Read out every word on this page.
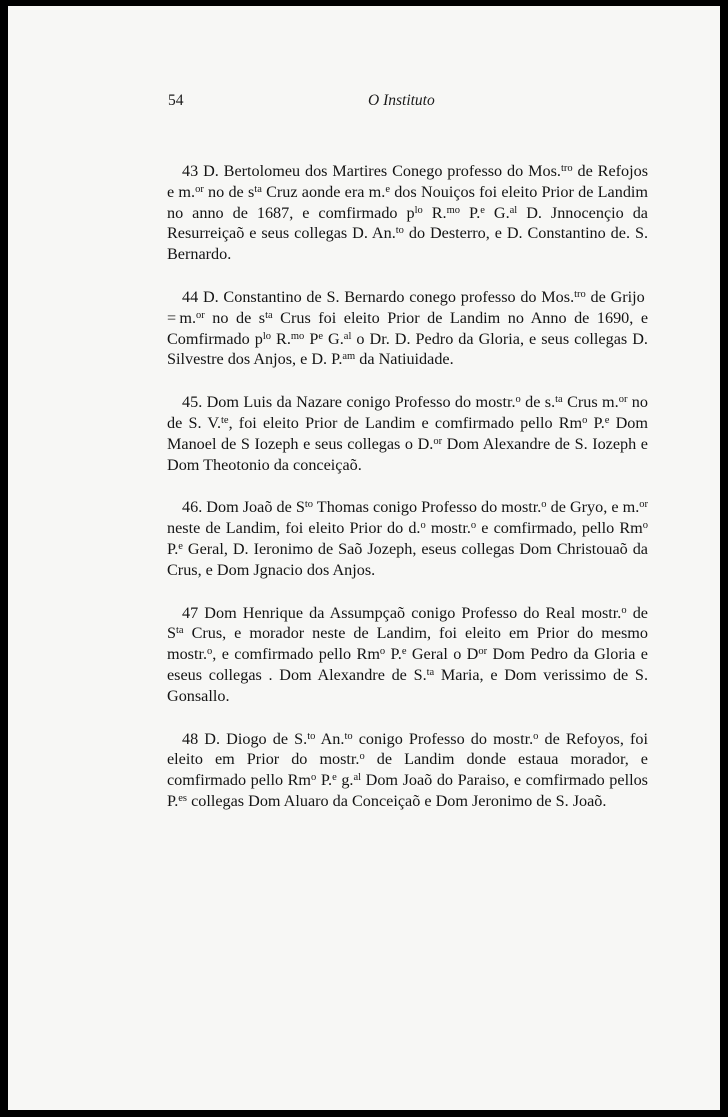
54	O Instituto

43 D. Bertolomeu dos Martires Conego professo do Mos.$^{tro}$ de Refojos e m.$^{or}$ no de $s^{ta}$ Cruz aonde era m.$^e$ dos Nouiços foi eleito Prior de Landim no anno de 1687, e comfirmado $p^{lo}$ R.$^{mo}$ P.$^e$ G.$^{al}$ D. Jnnocençio da Resurreiçaõ e seus collegas D. An.$^{to}$ do Desterro, e D. Constantino de. S. Bernardo.

44 D. Constantino de S. Bernardo conego professo do Mos.$^{tro}$ de Grijo = m.$^{or}$ no de $s^{ta}$ Crus foi eleito Prior de Landim no Anno de 1690, e Comfirmado $p^{lo}$ R.$^{mo}$ $P^e$ G.$^{al}$ o Dr. D. Pedro da Gloria, e seus collegas D. Silvestre dos Anjos, e D. P.$^{am}$ da Natiuidade.

45. Dom Luis da Nazare conigo Professo do mostr.$^o$ de s.$^{ta}$ Crus m.$^{or}$ no de S. V.$^{te}$, foi eleito Prior de Landim e comfirmado pello Rm$^o$ P.$^e$ Dom Manoel de S Iozeph e seus collegas o D.$^{or}$ Dom Alexandre de S. Iozeph e Dom Theotonio da conceiçaõ.

46. Dom Joaõ de $S^{to}$ Thomas conigo Professo do mostr.$^o$ de Gryo, e m.$^{or}$ neste de Landim, foi eleito Prior do d.$^o$ mostr.$^o$ e comfirmado, pello Rm$^o$ P.$^e$ Geral, D. Ieronimo de Saõ Jozeph, eseus collegas Dom Christouaõ da Crus, e Dom Jgnacio dos Anjos.

47 Dom Henrique da Assumpçaõ conigo Professo do Real mostr.$^o$ de $S^{ta}$ Crus, e morador neste de Landim, foi eleito em Prior do mesmo mostr.$^o$, e comfirmado pello Rm$^o$ P.$^e$ Geral o $D^{or}$ Dom Pedro da Gloria e eseus collegas . Dom Alexandre de S.$^{ta}$ Maria, e Dom verissimo de S. Gonsallo.

48 D. Diogo de S.$^{to}$ An.$^{to}$ conigo Professo do mostr.$^o$ de Refoyos, foi eleito em Prior do mostr.$^o$ de Landim donde estaua morador, e comfirmado pello Rm$^o$ P.$^e$ g.$^{al}$ Dom Joaõ do Paraiso, e comfirmado pellos P.$^{es}$ collegas Dom Aluaro da Conceiçaõ e Dom Jeronimo de S. Joaõ.
